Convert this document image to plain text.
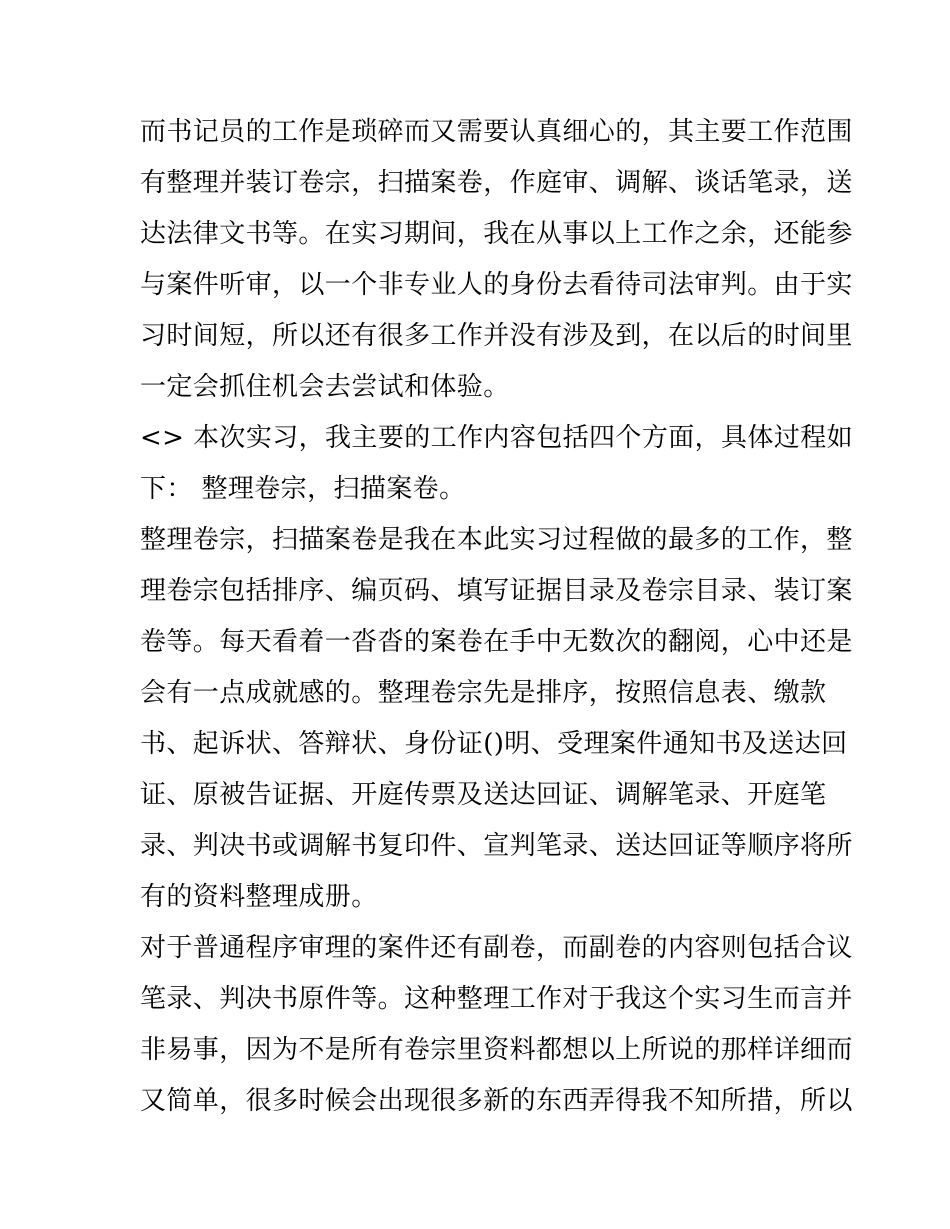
而书记员的工作是琐碎而又需要认真细心的，其主要工作范围
有整理并装订卷宗，扫描案卷，作庭审、调解、谈话笔录，送
达法律文书等。在实习期间，我在从事以上工作之余，还能参
与案件听审，以一个非专业人的身份去看待司法审判。由于实
习时间短，所以还有很多工作并没有涉及到，在以后的时间里
一定会抓住机会去尝试和体验。
<> 本次实习，我主要的工作内容包括四个方面，具体过程如
下： 整理卷宗，扫描案卷。
整理卷宗，扫描案卷是我在本此实习过程做的最多的工作，整
理卷宗包括排序、编页码、填写证据目录及卷宗目录、装订案
卷等。每天看着一沓沓的案卷在手中无数次的翻阅，心中还是
会有一点成就感的。整理卷宗先是排序，按照信息表、缴款
书、起诉状、答辩状、身份证()明、受理案件通知书及送达回
证、原被告证据、开庭传票及送达回证、调解笔录、开庭笔
录、判决书或调解书复印件、宣判笔录、送达回证等顺序将所
有的资料整理成册。
对于普通程序审理的案件还有副卷，而副卷的内容则包括合议
笔录、判决书原件等。这种整理工作对于我这个实习生而言并
非易事，因为不是所有卷宗里资料都想以上所说的那样详细而
又简单，很多时候会出现很多新的东西弄得我不知所措，所以
